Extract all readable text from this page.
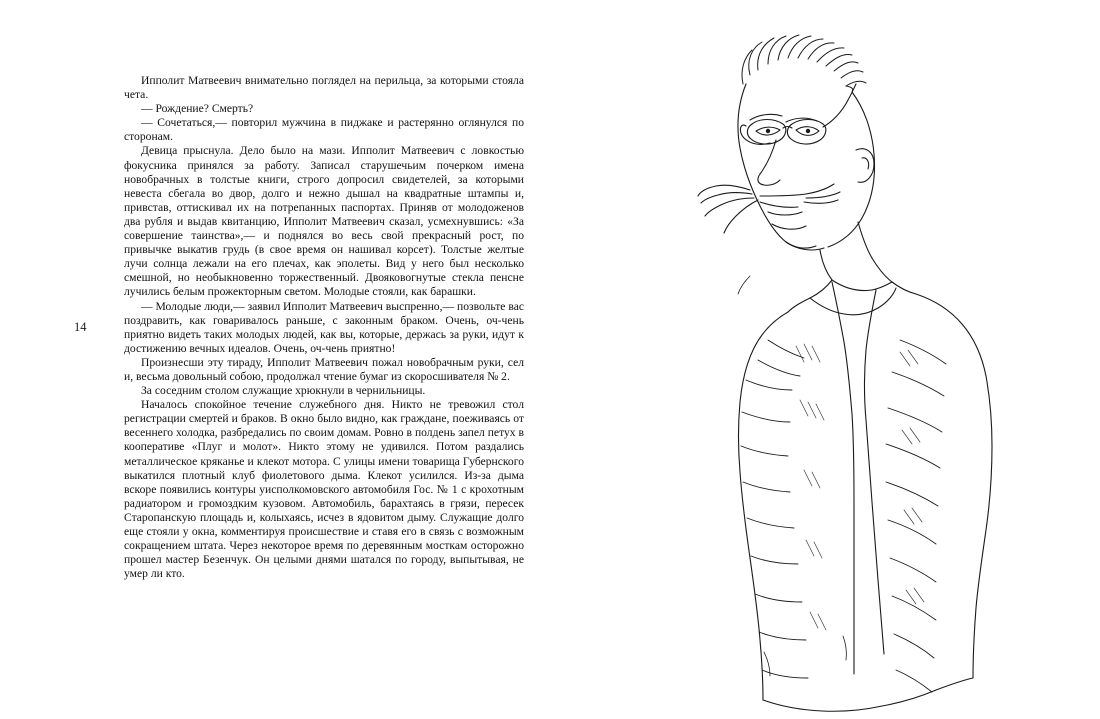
14

Ипполит Матвеевич внимательно поглядел на перильца, за которыми стояла чета.

— Рождение? Смерть?

— Сочетаться,— повторил мужчина в пиджаке и растерянно оглянулся по сторонам.

Девица прыснула. Дело было на мази. Ипполит Матвеевич с ловкостью фокусника принялся за работу. Записал старушечьим почерком имена новобрачных в толстые книги, строго допросил свидетелей, за которыми невеста сбегала во двор, долго и нежно дышал на квадратные штампы и, привстав, оттискивал их на потрепанных паспортах. Приняв от молодоженов два рубля и выдав квитанцию, Ипполит Матвеевич сказал, усмехнувшись: «За совершение таинства»,— и поднялся во весь свой прекрасный рост, по привычке выкатив грудь (в свое время он нашивал корсет). Толстые желтые лучи солнца лежали на его плечах, как эполеты. Вид у него был несколько смешной, но необыкновенно торжественный. Двояковогнутые стекла пенсне лучились белым прожекторным светом. Молодые стояли, как барашки.

— Молодые люди,— заявил Ипполит Матвеевич выспренно,— позвольте вас поздравить, как говаривалось раньше, с законным браком. Очень, оч-чень приятно видеть таких молодых людей, как вы, которые, держась за руки, идут к достижению вечных идеалов. Очень, оч-чень приятно!

Произнесши эту тираду, Ипполит Матвеевич пожал новобрачным руки, сел и, весьма довольный собою, продолжал чтение бумаг из скоросшивателя № 2.

За соседним столом служащие хрюкнули в чернильницы.

Началось спокойное течение служебного дня. Никто не тревожил стол регистрации смертей и браков. В окно было видно, как граждане, поеживаясь от весеннего холодка, разбредались по своим домам. Ровно в полдень запел петух в кооперативе «Плуг и молот». Никто этому не удивился. Потом раздались металлическое кряканье и клекот мотора. С улицы имени товарища Губернского выкатился плотный клуб фиолетового дыма. Клекот усилился. Из-за дыма вскоре появились контуры уисполкомовского автомобиля Гос. № 1 с крохотным радиатором и громоздким кузовом. Автомобиль, барахтаясь в грязи, пересек Старопанскую площадь и, колыхаясь, исчез в ядовитом дыму. Служащие долго еще стояли у окна, комментируя происшествие и ставя его в связь с возможным сокращением штата. Через некоторое время по деревянным мосткам осторожно прошел мастер Безенчук. Он целыми днями шатался по городу, выпытывая, не умер ли кто.
